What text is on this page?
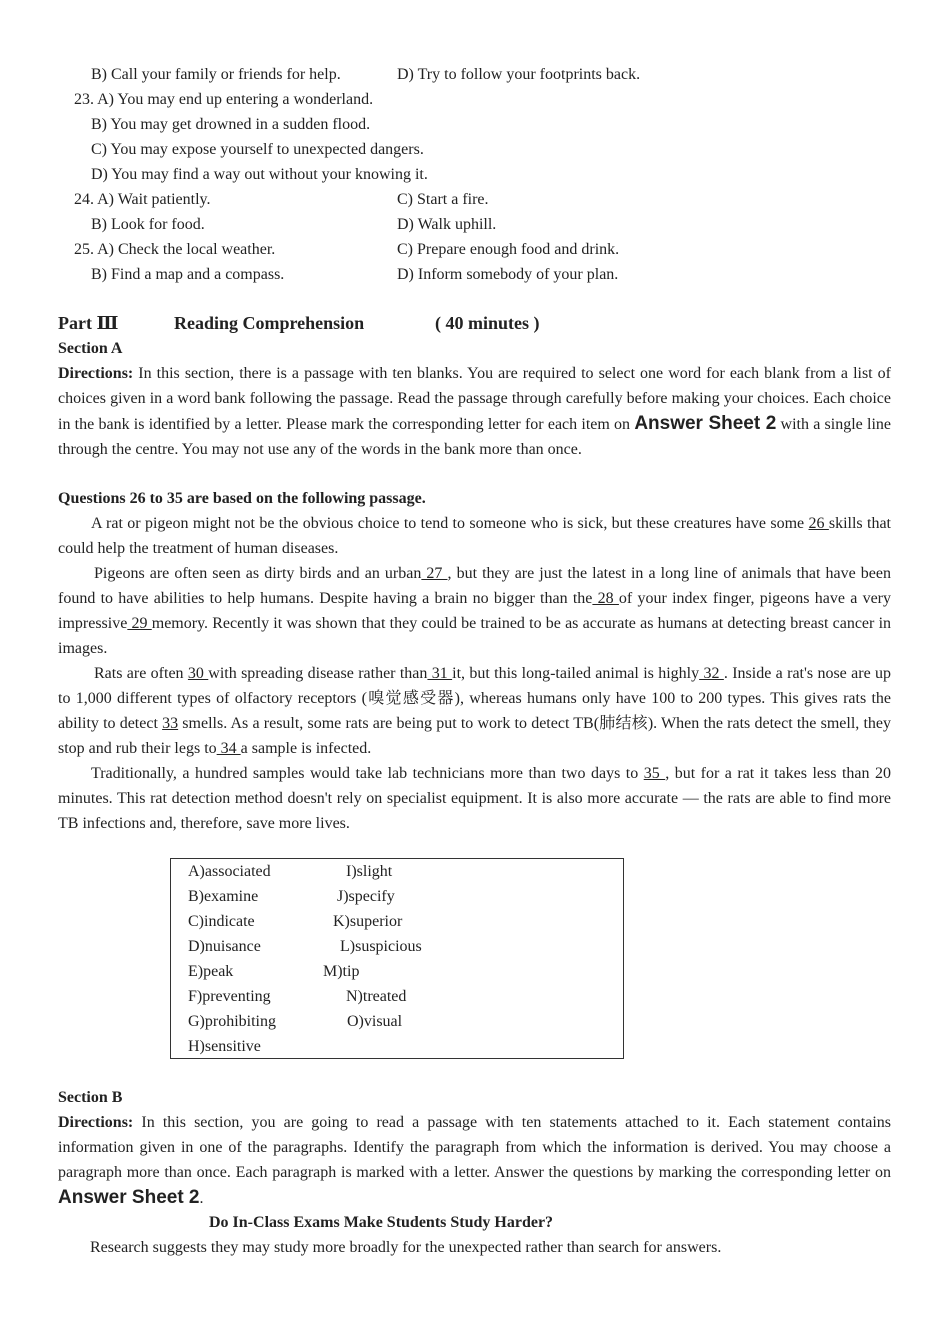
B) Call your family or friends for help.	D) Try to follow your footprints back.
23. A) You may end up entering a wonderland.
B) You may get drowned in a sudden flood.
C) You may expose yourself to unexpected dangers.
D) You may find a way out without your knowing it.
24. A) Wait patiently.	C) Start a fire.
B) Look for food.	D) Walk uphill.
25. A) Check the local weather.	C) Prepare enough food and drink.
B) Find a map and a compass.	D) Inform somebody of your plan.
Part Ⅲ	Reading Comprehension	( 40 minutes )
Section A
Directions: In this section, there is a passage with ten blanks. You are required to select one word for each blank from a list of choices given in a word bank following the passage. Read the passage through carefully before making your choices. Each choice in the bank is identified by a letter. Please mark the corresponding letter for each item on Answer Sheet 2 with a single line through the centre. You may not use any of the words in the bank more than once.
Questions 26 to 35 are based on the following passage.
A rat or pigeon might not be the obvious choice to tend to someone who is sick, but these creatures have some 26 skills that could help the treatment of human diseases.
Pigeons are often seen as dirty birds and an urban 27 , but they are just the latest in a long line of animals that have been found to have abilities to help humans. Despite having a brain no bigger than the 28 of your index finger, pigeons have a very impressive 29 memory. Recently it was shown that they could be trained to be as accurate as humans at detecting breast cancer in images.
Rats are often 30 with spreading disease rather than 31 it, but this long-tailed animal is highly 32 . Inside a rat's nose are up to 1,000 different types of olfactory receptors (嗅觉感受器), whereas humans only have 100 to 200 types. This gives rats the ability to detect 33 smells. As a result, some rats are being put to work to detect TB(肺结核). When the rats detect the smell, they stop and rub their legs to 34 a sample is infected.
Traditionally, a hundred samples would take lab technicians more than two days to 35 , but for a rat it takes less than 20 minutes. This rat detection method doesn't rely on specialist equipment. It is also more accurate — the rats are able to find more TB infections and, therefore, save more lives.
A)associated
B)examine
C)indicate
D)nuisance
E)peak
F)preventing
G)prohibiting
H)sensitive
I)slight
J)specify
K)superior
L)suspicious
M)tip
N)treated
O)visual
Section B
Directions: In this section, you are going to read a passage with ten statements attached to it. Each statement contains information given in one of the paragraphs. Identify the paragraph from which the information is derived. You may choose a paragraph more than once. Each paragraph is marked with a letter. Answer the questions by marking the corresponding letter on Answer Sheet 2.
Do In-Class Exams Make Students Study Harder?
Research suggests they may study more broadly for the unexpected rather than search for answers.
